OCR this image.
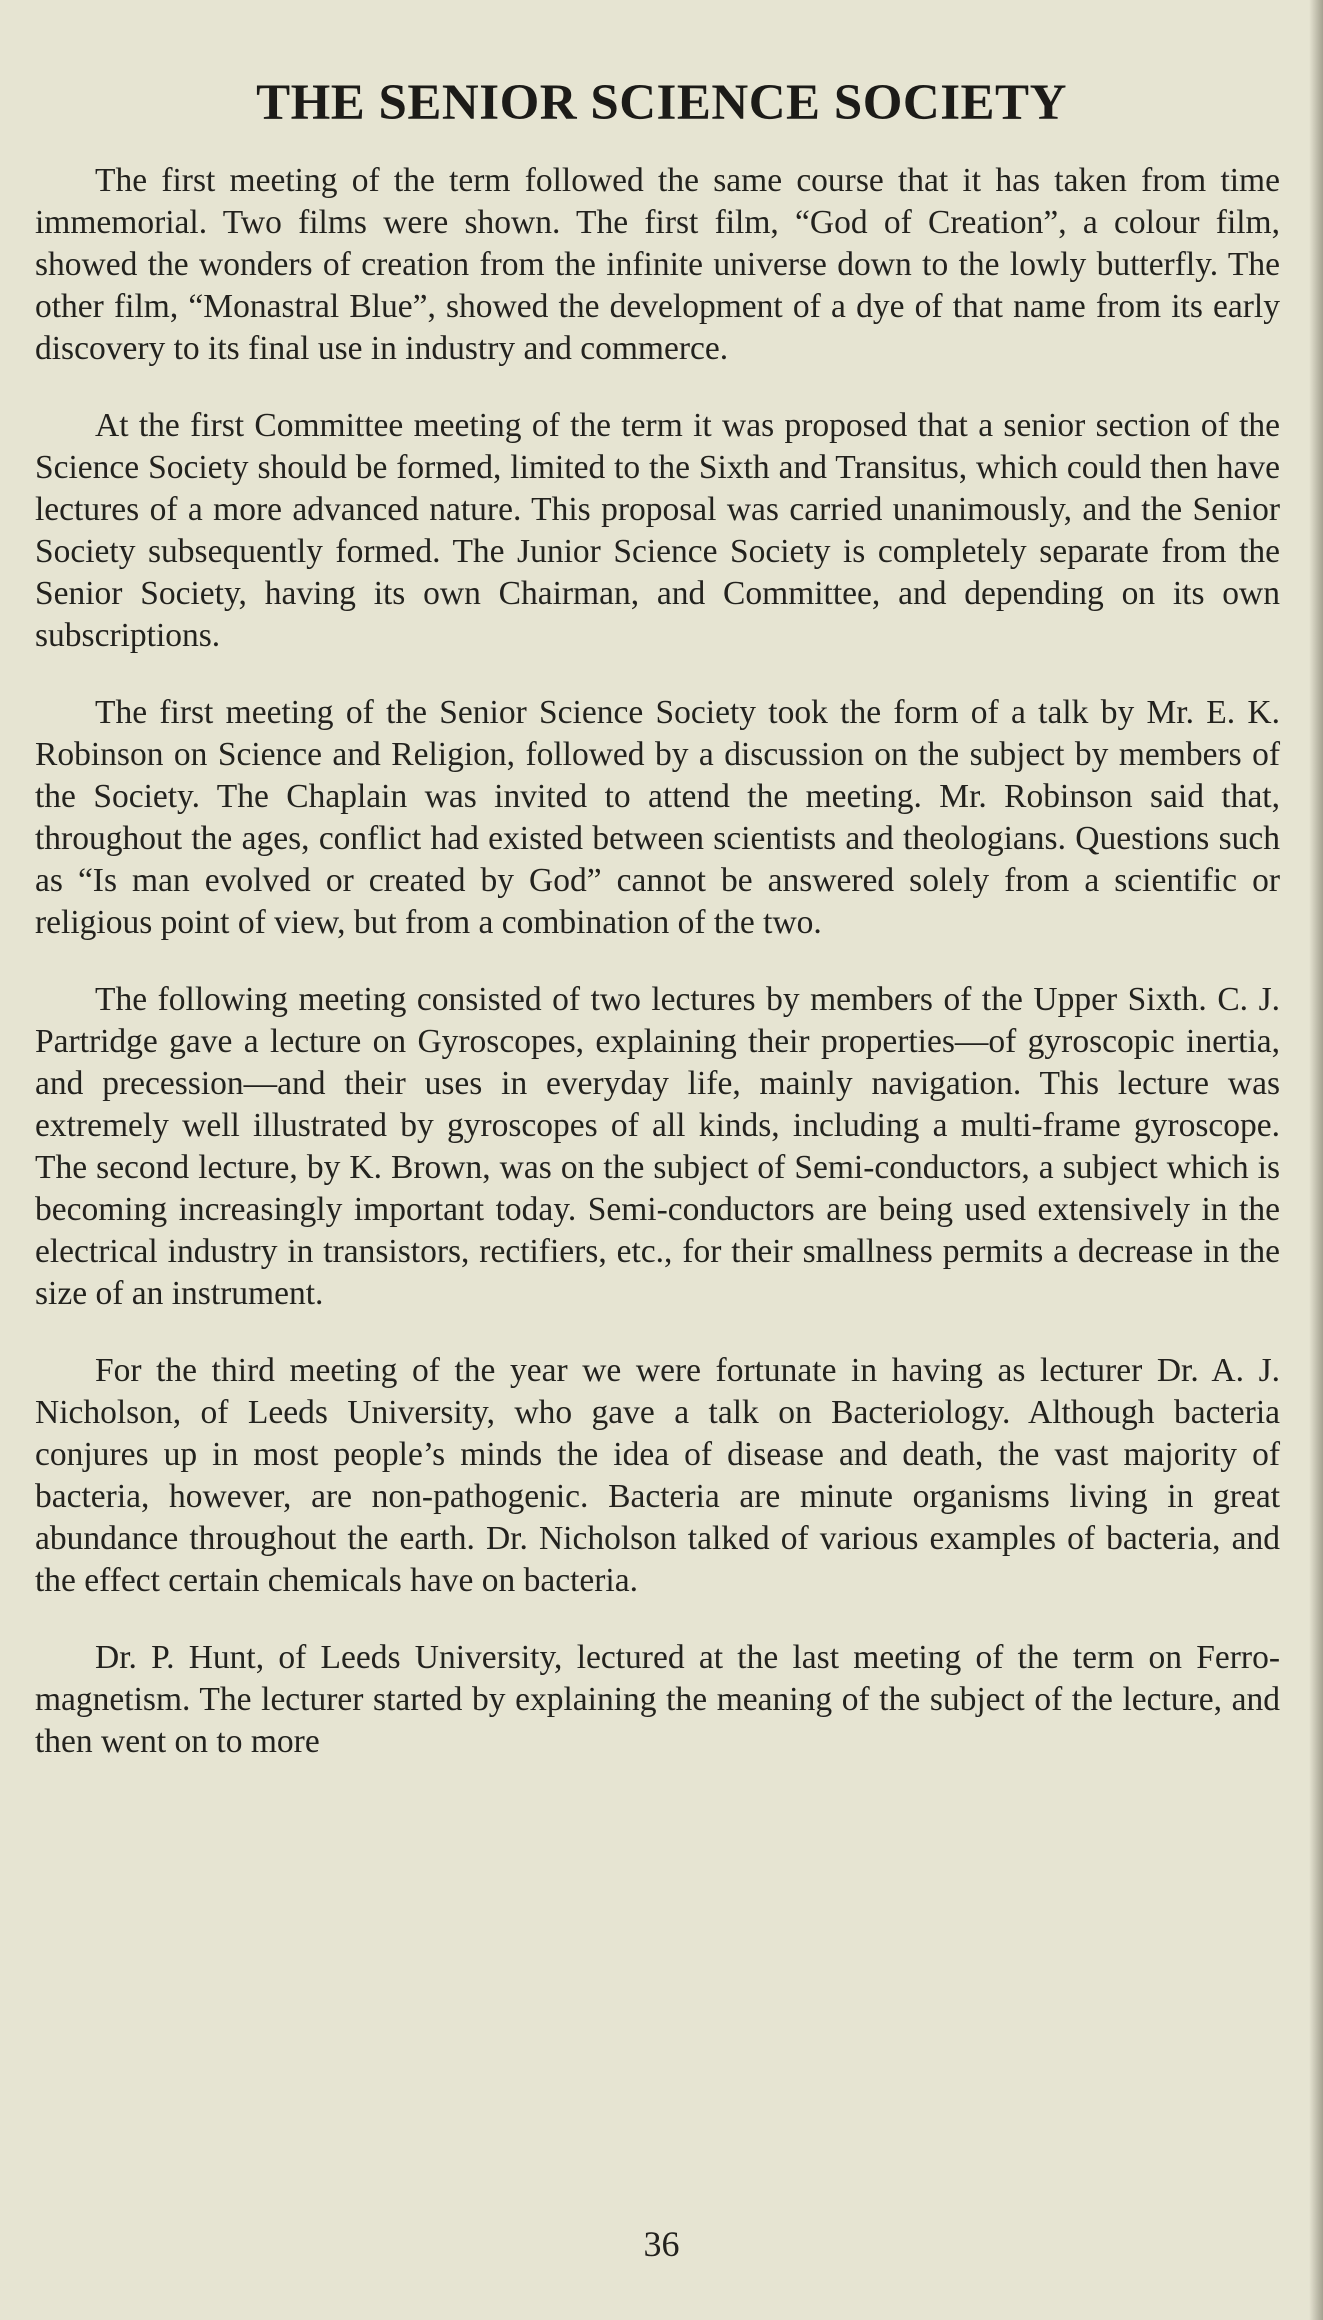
THE SENIOR SCIENCE SOCIETY

The first meeting of the term followed the same course that it has taken from time immemorial. Two films were shown. The first film, “God of Creation”, a colour film, showed the wonders of creation from the infinite universe down to the lowly butterfly. The other film, “Monastral Blue”, showed the development of a dye of that name from its early discovery to its final use in industry and commerce.

At the first Committee meeting of the term it was proposed that a senior section of the Science Society should be formed, limited to the Sixth and Transitus, which could then have lectures of a more advanced nature. This proposal was carried unanimously, and the Senior Society subsequently formed. The Junior Science Society is completely separate from the Senior Society, having its own Chairman, and Committee, and depending on its own subscriptions.

The first meeting of the Senior Science Society took the form of a talk by Mr. E. K. Robinson on Science and Religion, followed by a discussion on the subject by members of the Society. The Chaplain was invited to attend the meeting. Mr. Robinson said that, throughout the ages, conflict had existed between scientists and theologians. Questions such as “Is man evolved or created by God” cannot be answered solely from a scientific or religious point of view, but from a combination of the two.

The following meeting consisted of two lectures by members of the Upper Sixth. C. J. Partridge gave a lecture on Gyroscopes, explaining their properties—of gyroscopic inertia, and precession—and their uses in everyday life, mainly navigation. This lecture was extremely well illustrated by gyroscopes of all kinds, including a multi-frame gyroscope. The second lecture, by K. Brown, was on the subject of Semi-conductors, a subject which is becoming increasingly important today. Semi-conductors are being used extensively in the electrical industry in transistors, rectifiers, etc., for their smallness permits a decrease in the size of an instrument.

For the third meeting of the year we were fortunate in having as lecturer Dr. A. J. Nicholson, of Leeds University, who gave a talk on Bacteriology. Although bacteria conjures up in most people’s minds the idea of disease and death, the vast majority of bacteria, however, are non-pathogenic. Bacteria are minute organisms living in great abundance throughout the earth. Dr. Nicholson talked of various examples of bacteria, and the effect certain chemicals have on bacteria.

Dr. P. Hunt, of Leeds University, lectured at the last meeting of the term on Ferro-magnetism. The lecturer started by explaining the meaning of the subject of the lecture, and then went on to more

36
